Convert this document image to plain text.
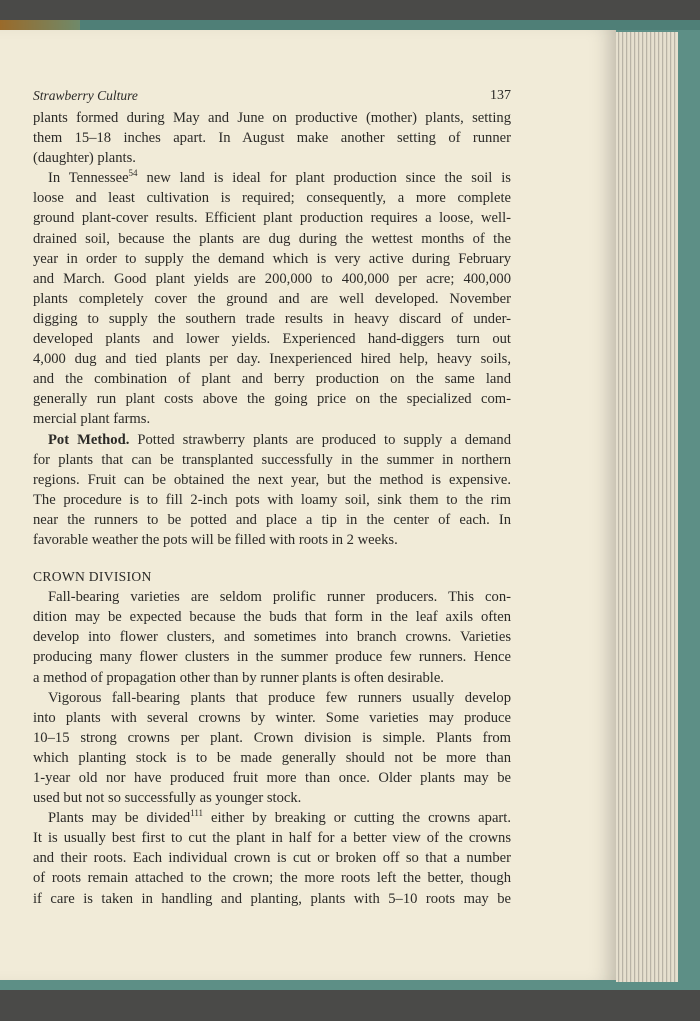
Strawberry Culture	137
plants formed during May and June on productive (mother) plants, setting
them 15–18 inches apart. In August make another setting of runner
(daughter) plants.
In Tennessee$^{54}$ new land is ideal for plant production since the soil is
loose and least cultivation is required; consequently, a more complete
ground plant-cover results. Efficient plant production requires a loose, well-
drained soil, because the plants are dug during the wettest months of the
year in order to supply the demand which is very active during February
and March. Good plant yields are 200,000 to 400,000 per acre; 400,000
plants completely cover the ground and are well developed. November
digging to supply the southern trade results in heavy discard of under-
developed plants and lower yields. Experienced hand-diggers turn out
4,000 dug and tied plants per day. Inexperienced hired help, heavy soils,
and the combination of plant and berry production on the same land
generally run plant costs above the going price on the specialized com-
mercial plant farms.
Pot Method. Potted strawberry plants are produced to supply a demand
for plants that can be transplanted successfully in the summer in northern
regions. Fruit can be obtained the next year, but the method is expensive.
The procedure is to fill 2-inch pots with loamy soil, sink them to the rim
near the runners to be potted and place a tip in the center of each. In
favorable weather the pots will be filled with roots in 2 weeks.
CROWN DIVISION
Fall-bearing varieties are seldom prolific runner producers. This con-
dition may be expected because the buds that form in the leaf axils often
develop into flower clusters, and sometimes into branch crowns. Varieties
producing many flower clusters in the summer produce few runners. Hence
a method of propagation other than by runner plants is often desirable.
Vigorous fall-bearing plants that produce few runners usually develop
into plants with several crowns by winter. Some varieties may produce
10–15 strong crowns per plant. Crown division is simple. Plants from
which planting stock is to be made generally should not be more than
1-year old nor have produced fruit more than once. Older plants may be
used but not so successfully as younger stock.
Plants may be divided$^{111}$ either by breaking or cutting the crowns apart.
It is usually best first to cut the plant in half for a better view of the crowns
and their roots. Each individual crown is cut or broken off so that a number
of roots remain attached to the crown; the more roots left the better, though
if care is taken in handling and planting, plants with 5–10 roots may be
